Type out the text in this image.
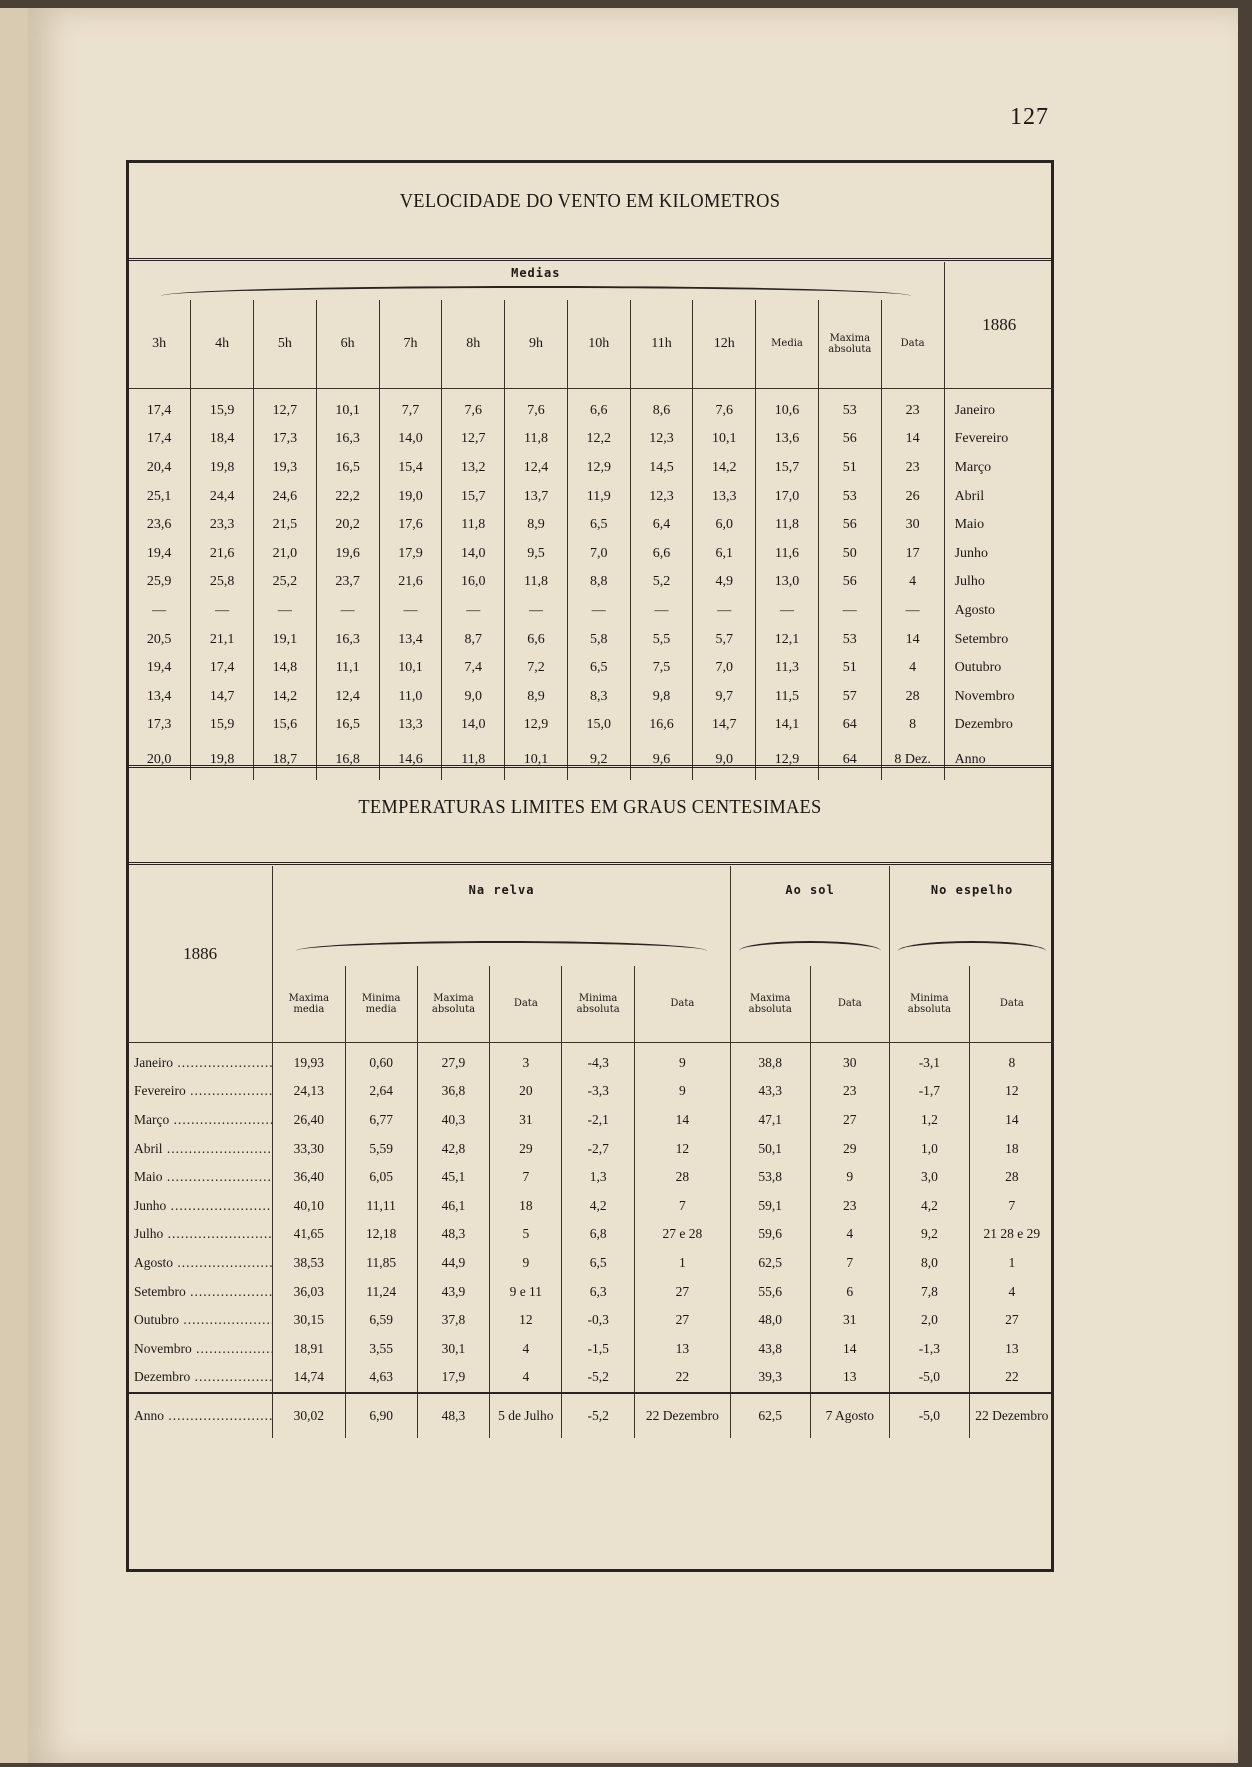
127
VELOCIDADE DO VENTO EM KILOMETROS
Medias													1886
3h	4h	5h	6h	7h	8h	9h	10h	11h	12h	Media	Maxima absoluta	Data	

17,4	15,9	12,7	10,1	7,7	7,6	7,6	6,6	8,6	7,6	10,6	53	23	Janeiro
17,4	18,4	17,3	16,3	14,0	12,7	11,8	12,2	12,3	10,1	13,6	56	14	Fevereiro
20,4	19,8	19,3	16,5	15,4	13,2	12,4	12,9	14,5	14,2	15,7	51	23	Março
25,1	24,4	24,6	22,2	19,0	15,7	13,7	11,9	12,3	13,3	17,0	53	26	Abril
23,6	23,3	21,5	20,2	17,6	11,8	8,9	6,5	6,4	6,0	11,8	56	30	Maio
19,4	21,6	21,0	19,6	17,9	14,0	9,5	7,0	6,6	6,1	11,6	50	17	Junho
25,9	25,8	25,2	23,7	21,6	16,0	11,8	8,8	5,2	4,9	13,0	56	4	Julho
—	—	—	—	—	—	—	—	—	—	—	—	—	Agosto
20,5	21,1	19,1	16,3	13,4	8,7	6,6	5,8	5,5	5,7	12,1	53	14	Setembro
19,4	17,4	14,8	11,1	10,1	7,4	7,2	6,5	7,5	7,0	11,3	51	4	Outubro
13,4	14,7	14,2	12,4	11,0	9,0	8,9	8,3	9,8	9,7	11,5	57	28	Novembro
17,3	15,9	15,6	16,5	13,3	14,0	12,9	15,0	16,6	14,7	14,1	64	8	Dezembro
20,0	19,8	18,7	16,8	14,6	11,8	10,1	9,2	9,6	9,0	12,9	64	8 Dez.	Anno
TEMPERATURAS LIMITES EM GRAUS CENTESIMAES
1886	Na relva						Ao sol		No espelho	

	Maxima media	Minima media	Maxima absoluta	Data	Minima absoluta	Data	Maxima absoluta	Data	Minima absoluta	Data

Janeiro .....	19,93	0,60	27,9	3	-4,3	9	38,8	30	-3,1	8
Fevereiro .....	24,13	2,64	36,8	20	-3,3	9	43,3	23	-1,7	12
Março .....	26,40	6,77	40,3	31	-2,1	14	47,1	27	1,2	14
Abril .....	33,30	5,59	42,8	29	-2,7	12	50,1	29	1,0	18
Maio .....	36,40	6,05	45,1	7	1,3	28	53,8	9	3,0	28
Junho .....	40,10	11,11	46,1	18	4,2	7	59,1	23	4,2	7
Julho .....	41,65	12,18	48,3	5	6,8	27 e 28	59,6	4	9,2	21 28 e 29
Agosto .....	38,53	11,85	44,9	9	6,5	1	62,5	7	8,0	1
Setembro .....	36,03	11,24	43,9	9 e 11	6,3	27	55,6	6	7,8	4
Outubro .....	30,15	6,59	37,8	12	-0,3	27	48,0	31	2,0	27
Novembro .....	18,91	3,55	30,1	4	-1,5	13	43,8	14	-1,3	13
Dezembro .....	14,74	4,63	17,9	4	-5,2	22	39,3	13	-5,0	22
Anno .....	30,02	6,90	48,3	5 de Julho	-5,2	22 Dezembro	62,5	7 Agosto	-5,0	22 Dezembro
